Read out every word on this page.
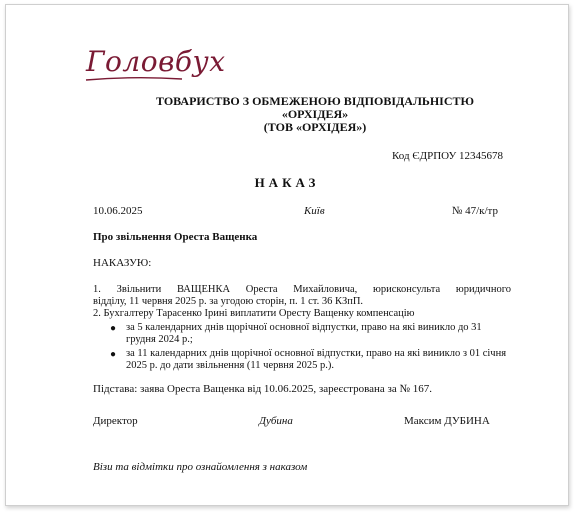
Головбух
ТОВАРИСТВО З ОБМЕЖЕНОЮ ВІДПОВІДАЛЬНІСТЮ
«ОРХІДЕЯ»
(ТОВ «ОРХІДЕЯ»)
Код ЄДРПОУ 12345678
НАКАЗ
10.06.2025	Київ	№ 47/к/тр
Про звільнення Ореста Ващенка
НАКАЗУЮ:
1. Звільнити ВАЩЕНКА Ореста Михайловича, юрисконсульта юридичного
відділу, 11 червня 2025 р. за угодою сторін, п. 1 ст. 36 КЗпП.
2. Бухгалтеру Тарасенко Ірині виплатити Оресту Ващенку компенсацію
● за 5 календарних днів щорічної основної відпустки, право на які виникло до 31 грудня 2024 р.;
● за 11 календарних днів щорічної основної відпустки, право на які виникло з 01 січня 2025 р. до дати звільнення (11 червня 2025 р.).
Підстава: заява Ореста Ващенка від 10.06.2025, зареєстрована за № 167.
Директор	Дубина	Максим ДУБИНА
Візи та відмітки про ознайомлення з наказом
